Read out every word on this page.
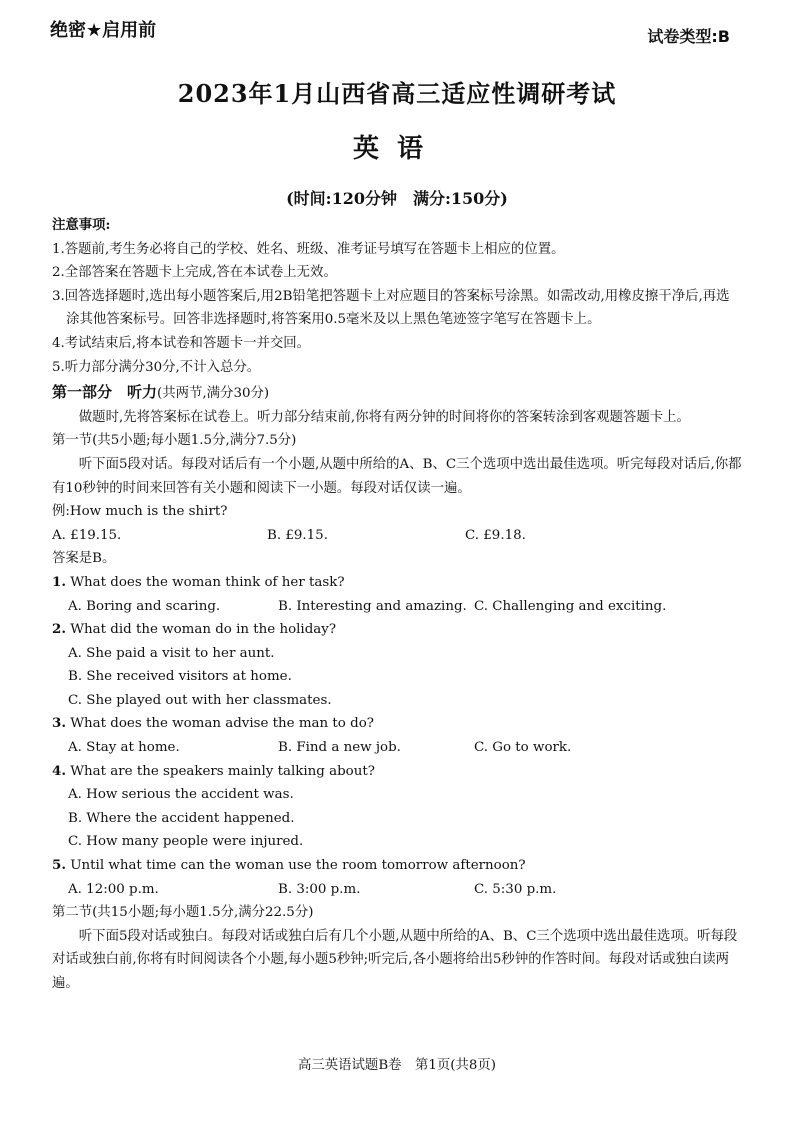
绝密★启用前	试卷类型:B
2023年1月山西省高三适应性调研考试
英语
(时间:120分钟　满分:150分)

注意事项:

1.答题前,考生务必将自己的学校、姓名、班级、准考证号填写在答题卡上相应的位置。

2.全部答案在答题卡上完成,答在本试卷上无效。

3.回答选择题时,选出每小题答案后,用2B铅笔把答题卡上对应题目的答案标号涂黑。如需改动,用橡皮擦干净后,再选涂其他答案标号。回答非选择题时,将答案用0.5毫米及以上黑色笔迹签字笔写在答题卡上。

4.考试结束后,将本试卷和答题卡一并交回。

5.听力部分满分30分,不计入总分。

第一部分　听力(共两节,满分30分)

做题时,先将答案标在试卷上。听力部分结束前,你将有两分钟的时间将你的答案转涂到客观题答题卡上。

第一节(共5小题;每小题1.5分,满分7.5分)

听下面5段对话。每段对话后有一个小题,从题中所给的A、B、C三个选项中选出最佳选项。听完每段对话后,你都有10秒钟的时间来回答有关小题和阅读下一小题。每段对话仅读一遍。

例:How much is the shirt?

A. £19.15.	B. £9.15.	C. £9.18.

答案是B。

1. What does the woman think of her task?

A. Boring and scaring.	B. Interesting and amazing. C. Challenging and exciting.

2. What did the woman do in the holiday?

A. She paid a visit to her aunt.

B. She received visitors at home.

C. She played out with her classmates.

3. What does the woman advise the man to do?

A. Stay at home.	B. Find a new job.	C. Go to work.

4. What are the speakers mainly talking about?

A. How serious the accident was.

B. Where the accident happened.

C. How many people were injured.

5. Until what time can the woman use the room tomorrow afternoon?

A. 12:00 p.m.	B. 3:00 p.m.	C. 5:30 p.m.

第二节(共15小题;每小题1.5分,满分22.5分)

听下面5段对话或独白。每段对话或独白后有几个小题,从题中所给的A、B、C三个选项中选出最佳选项。听每段对话或独白前,你将有时间阅读各个小题,每小题5秒钟;听完后,各小题将给出5秒钟的作答时间。每段对话或独白读两遍。

高三英语试题B卷　第1页(共8页)
